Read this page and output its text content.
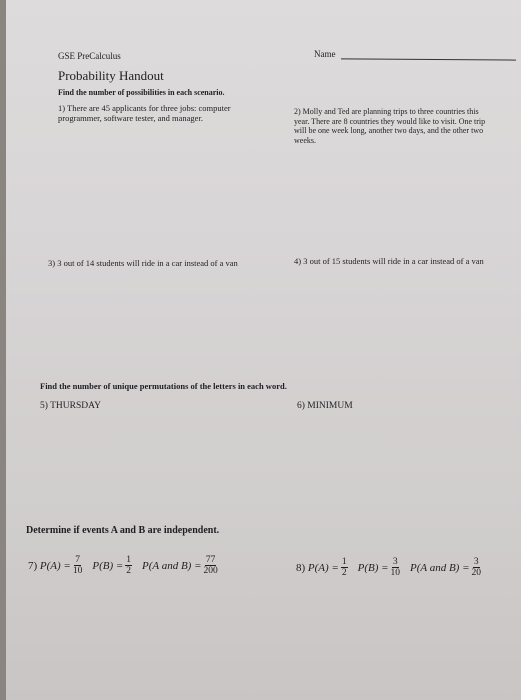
GSE PreCalculus	Name
Probability Handout
Find the number of possibilities in each scenario.
1) There are 45 applicants for three jobs: computer programmer, software tester, and manager.
2) Molly and Ted are planning trips to three countries this year. There are 8 countries they would like to visit. One trip will be one week long, another two days, and the other two weeks.
3) 3 out of 14 students will ride in a car instead of a van	4) 3 out of 15 students will ride in a car instead of a van
Find the number of unique permutations of the letters in each word.
5) THURSDAY	6) MINIMUM
Determine if events A and B are independent.
7)
$P(A) = \frac{7}{10} P(B) = \frac{1}{2} P(A$ and $B) = \frac{77}{200}$	8)
$P(A) = \frac{1}{2} P(B) = \frac{3}{10} P(A$ and $B) = \frac{3}{20}$
